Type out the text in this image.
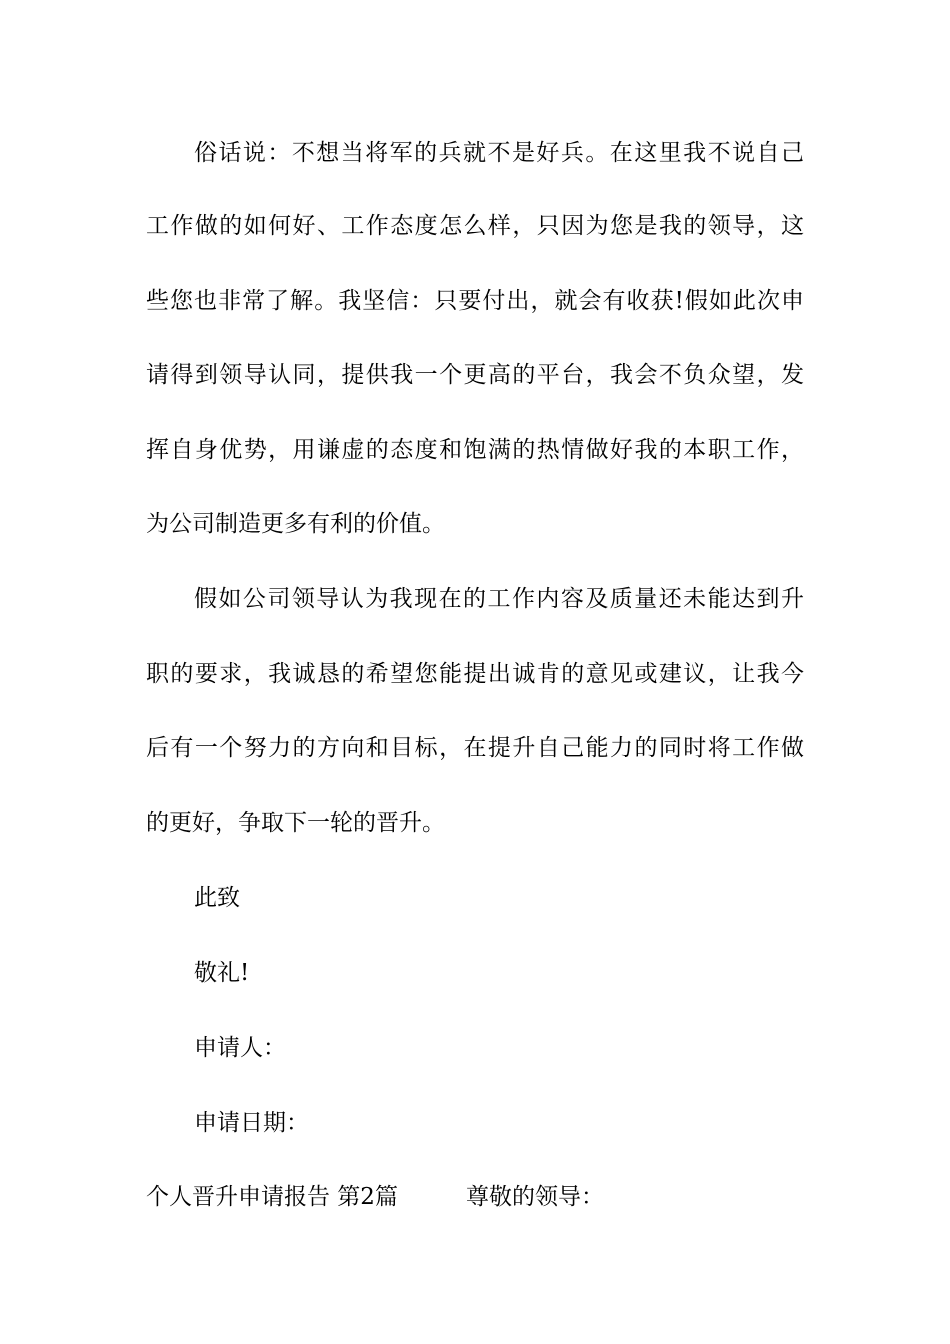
俗话说：不想当将军的兵就不是好兵。在这里我不说自己
工作做的如何好、工作态度怎么样，只因为您是我的领导，这
些您也非常了解。我坚信：只要付出，就会有收获!假如此次申
请得到领导认同，提供我一个更高的平台，我会不负众望，发
挥自身优势，用谦虚的态度和饱满的热情做好我的本职工作，
为公司制造更多有利的价值。
假如公司领导认为我现在的工作内容及质量还未能达到升
职的要求，我诚恳的希望您能提出诚肯的意见或建议，让我今
后有一个努力的方向和目标，在提升自己能力的同时将工作做
的更好，争取下一轮的晋升。
此致
敬礼!
申请人：
申请日期：
个人晋升申请报告 第2篇	尊敬的领导：
